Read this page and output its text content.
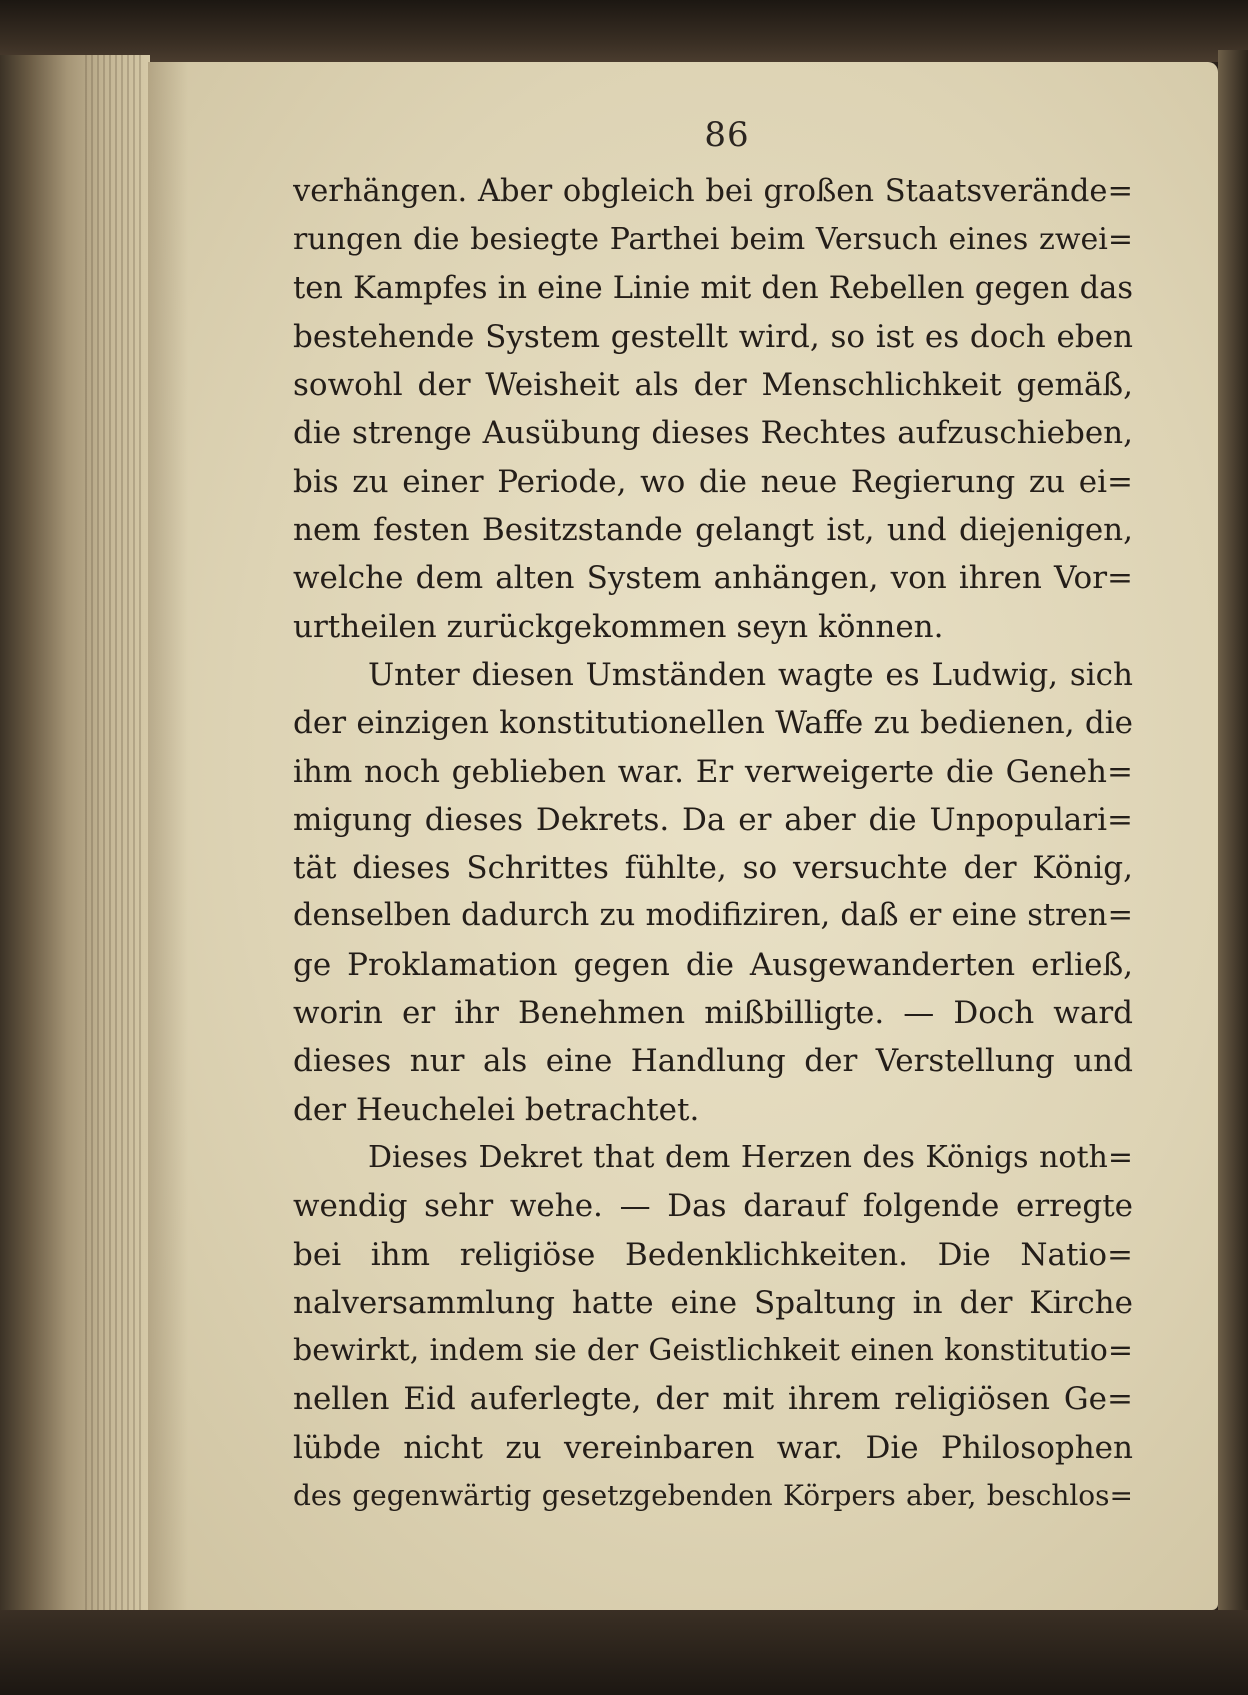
86
verhängen. Aber obgleich bei großen Staatsverände=
rungen die besiegte Parthei beim Versuch eines zwei=
ten Kampfes in eine Linie mit den Rebellen gegen das
bestehende System gestellt wird, so ist es doch eben
sowohl der Weisheit als der Menschlichkeit gemäß,
die strenge Ausübung dieses Rechtes aufzuschieben,
bis zu einer Periode, wo die neue Regierung zu ei=
nem festen Besitzstande gelangt ist, und diejenigen,
welche dem alten System anhängen, von ihren Vor=
urtheilen zurückgekommen seyn können.
Unter diesen Umständen wagte es Ludwig, sich
der einzigen konstitutionellen Waffe zu bedienen, die
ihm noch geblieben war. Er verweigerte die Geneh=
migung dieses Dekrets. Da er aber die Unpopulari=
tät dieses Schrittes fühlte, so versuchte der König,
denselben dadurch zu modifiziren, daß er eine stren=
ge Proklamation gegen die Ausgewanderten erließ,
worin er ihr Benehmen mißbilligte. — Doch ward
dieses nur als eine Handlung der Verstellung und
der Heuchelei betrachtet.
Dieses Dekret that dem Herzen des Königs noth=
wendig sehr wehe. — Das darauf folgende erregte
bei ihm religiöse Bedenklichkeiten. Die Natio=
nalversammlung hatte eine Spaltung in der Kirche
bewirkt, indem sie der Geistlichkeit einen konstitutio=
nellen Eid auferlegte, der mit ihrem religiösen Ge=
lübde nicht zu vereinbaren war. Die Philosophen
des gegenwärtig gesetzgebenden Körpers aber, beschlos=
